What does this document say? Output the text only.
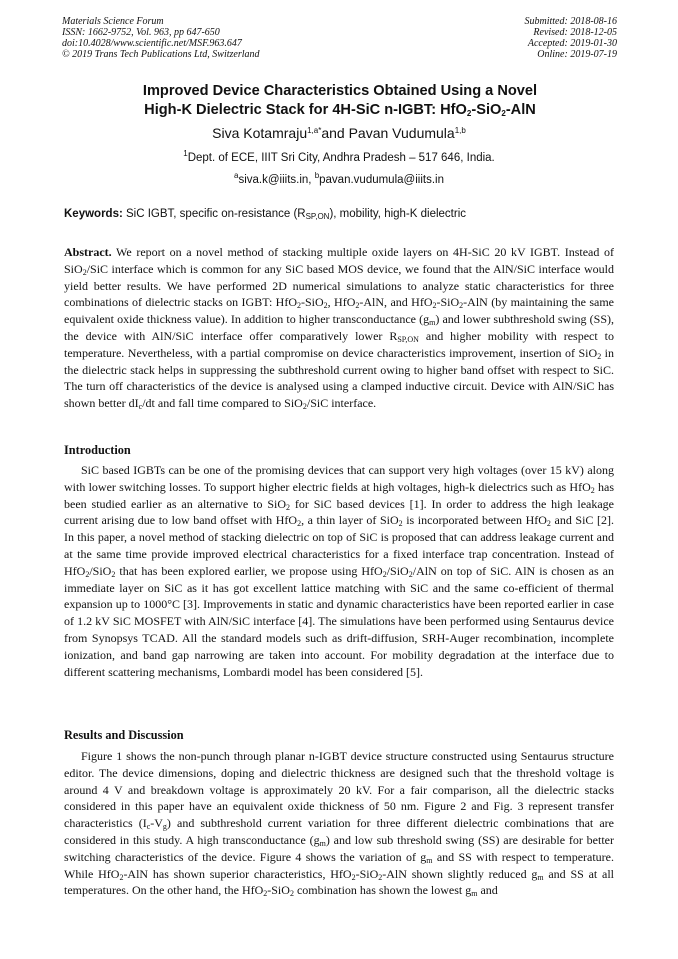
Materials Science Forum
ISSN: 1662-9752, Vol. 963, pp 647-650
doi:10.4028/www.scientific.net/MSF.963.647
© 2019 Trans Tech Publications Ltd, Switzerland
Submitted: 2018-08-16
Revised: 2018-12-05
Accepted: 2019-01-30
Online: 2019-07-19
Improved Device Characteristics Obtained Using a Novel
High-K Dielectric Stack for 4H-SiC n-IGBT: HfO$_2$-SiO$_2$-AlN
Siva Kotamraju$^{1,a*}$and Pavan Vudumula$^{1,b}$
$^1$Dept. of ECE, IIIT Sri City, Andhra Pradesh – 517 646, India.
$^a$siva.k@iiits.in, $^b$pavan.vudumula@iiits.in
Keywords: SiC IGBT, specific on-resistance $(R_{SP,ON})$, mobility, high-K dielectric
Abstract. We report on a novel method of stacking multiple oxide layers on 4H-SiC 20 kV IGBT. Instead of SiO$_2$/SiC interface which is common for any SiC based MOS device, we found that the AlN/SiC interface would yield better results. We have performed 2D numerical simulations to analyze static characteristics for three combinations of dielectric stacks on IGBT: HfO$_2$-SiO$_2$, HfO$_2$-AlN, and HfO$_2$-SiO$_2$-AlN (by maintaining the same equivalent oxide thickness value). In addition to higher transconductance $(g_m)$ and lower subthreshold swing (SS), the device with AlN/SiC interface offer comparatively lower $R_{SP,ON}$ and higher mobility with respect to temperature. Nevertheless, with a partial compromise on device characteristics improvement, insertion of SiO$_2$ in the dielectric stack helps in suppressing the subthreshold current owing to higher band offset with respect to SiC. The turn off characteristics of the device is analysed using a clamped inductive circuit. Device with AlN/SiC has shown better $dI_c/dt$ and fall time compared to SiO$_2$/SiC interface.
Introduction
SiC based IGBTs can be one of the promising devices that can support very high voltages (over 15 kV) along with lower switching losses. To support higher electric fields at high voltages, high-k dielectrics such as HfO$_2$ has been studied earlier as an alternative to SiO$_2$ for SiC based devices [1]. In order to address the high leakage current arising due to low band offset with HfO$_2$, a thin layer of SiO$_2$ is incorporated between HfO$_2$ and SiC [2]. In this paper, a novel method of stacking dielectric on top of SiC is proposed that can address leakage current and at the same time provide improved electrical characteristics for a fixed interface trap concentration. Instead of HfO$_2$/SiO$_2$ that has been explored earlier, we propose using HfO$_2$/SiO$_2$/AlN on top of SiC. AlN is chosen as an immediate layer on SiC as it has got excellent lattice matching with SiC and the same co-efficient of thermal expansion up to 1000°C [3]. Improvements in static and dynamic characteristics have been reported earlier in case of 1.2 kV SiC MOSFET with AlN/SiC interface [4]. The simulations have been performed using Sentaurus device from Synopsys TCAD. All the standard models such as drift-diffusion, SRH-Auger recombination, incomplete ionization, and band gap narrowing are taken into account. For mobility degradation at the interface due to different scattering mechanisms, Lombardi model has been considered [5].
Results and Discussion
Figure 1 shows the non-punch through planar n-IGBT device structure constructed using Sentaurus structure editor. The device dimensions, doping and dielectric thickness are designed such that the threshold voltage is around 4 V and breakdown voltage is approximately 20 kV. For a fair comparison, all the dielectric stacks considered in this paper have an equivalent oxide thickness of 50 nm. Figure 2 and Fig. 3 represent transfer characteristics $(I_c-V_g)$ and subthreshold current variation for three different dielectric combinations that are considered in this study. A high transconductance $(g_m)$ and low sub threshold swing (SS) are desirable for better switching characteristics of the device. Figure 4 shows the variation of $g_m$ and SS with respect to temperature. While HfO$_2$-AlN has shown superior characteristics, HfO$_2$-SiO$_2$-AlN shown slightly reduced $g_m$ and SS at all temperatures. On the other hand, the HfO$_2$-SiO$_2$ combination has shown the lowest $g_m$ and
